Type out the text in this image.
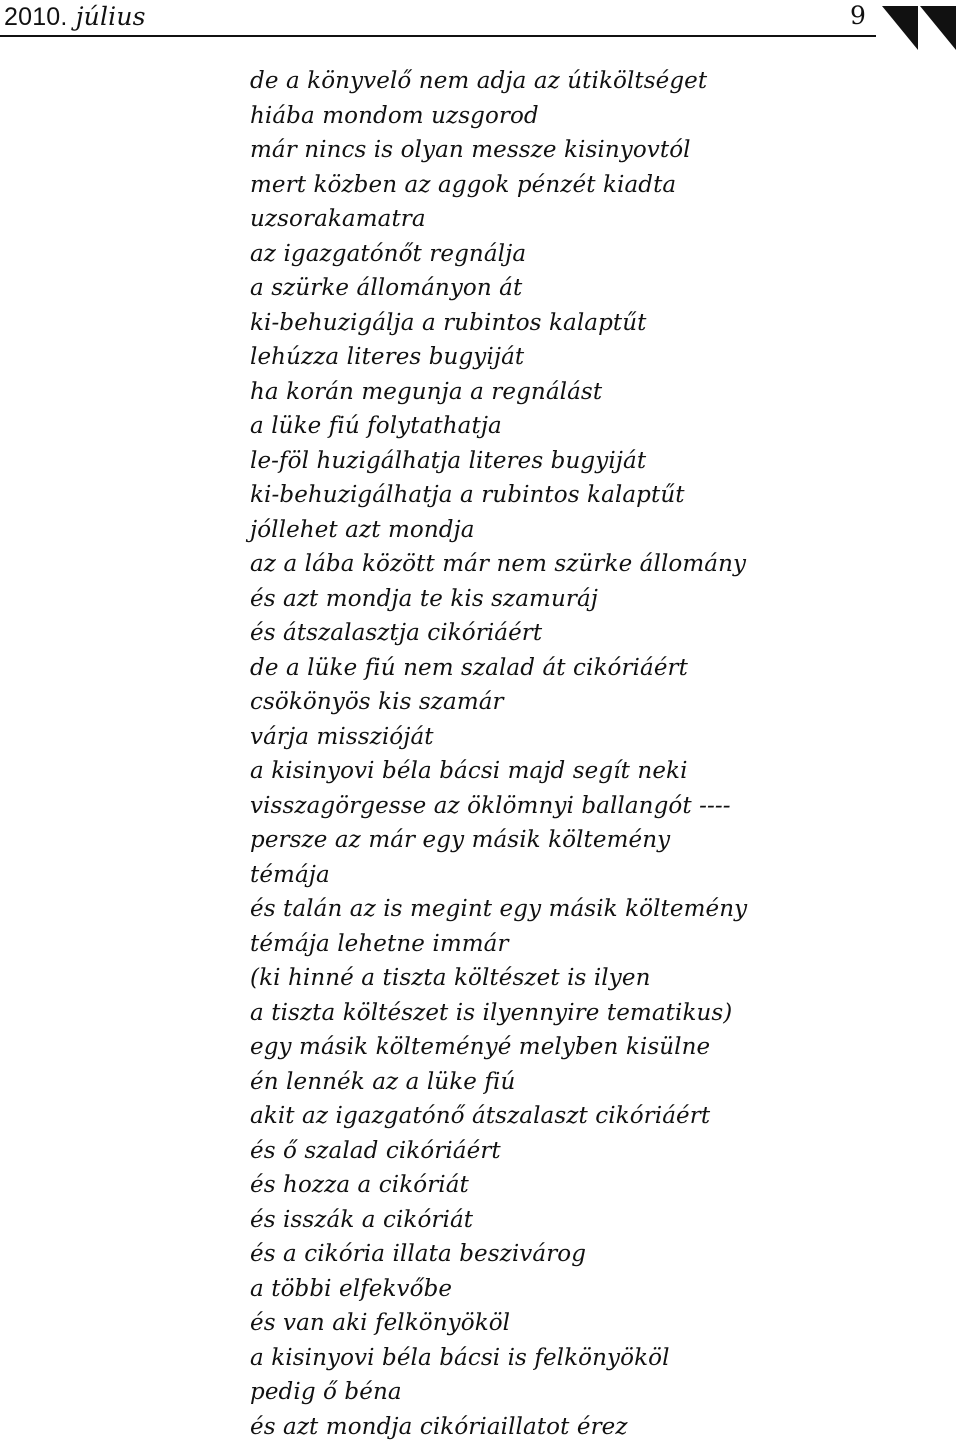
2010. július	9
de a könyvelő nem adja az útiköltséget
hiába mondom uzsgorod
már nincs is olyan messze kisinyovtól
mert közben az aggok pénzét kiadta
uzsorakamatra
az igazgatónőt regnálja
a szürke állományon át
ki-behuzigálja a rubintos kalaptűt
lehúzza literes bugyiját
ha korán megunja a regnálást
a lüke fiú folytathatja
le-föl huzigálhatja literes bugyiját
ki-behuzigálhatja a rubintos kalaptűt
jóllehet azt mondja
az a lába között már nem szürke állomány
és azt mondja te kis szamuráj
és átszalasztja cikóriáért
de a lüke fiú nem szalad át cikóriáért
csökönyös kis szamár
várja misszióját
a kisinyovi béla bácsi majd segít neki
visszagörgesse az öklömnyi ballangót ----
persze az már egy másik költemény
témája
és talán az is megint egy másik költemény
témája lehetne immár
(ki hinné a tiszta költészet is ilyen
a tiszta költészet is ilyennyire tematikus)
egy másik költeményé melyben kisülne
én lennék az a lüke fiú
akit az igazgatónő átszalaszt cikóriáért
és ő szalad cikóriáért
és hozza a cikóriát
és isszák a cikóriát
és a cikória illata beszivárog
a többi elfekvőbe
és van aki felkönyököl
a kisinyovi béla bácsi is felkönyököl
pedig ő béna
és azt mondja cikóriaillatot érez
